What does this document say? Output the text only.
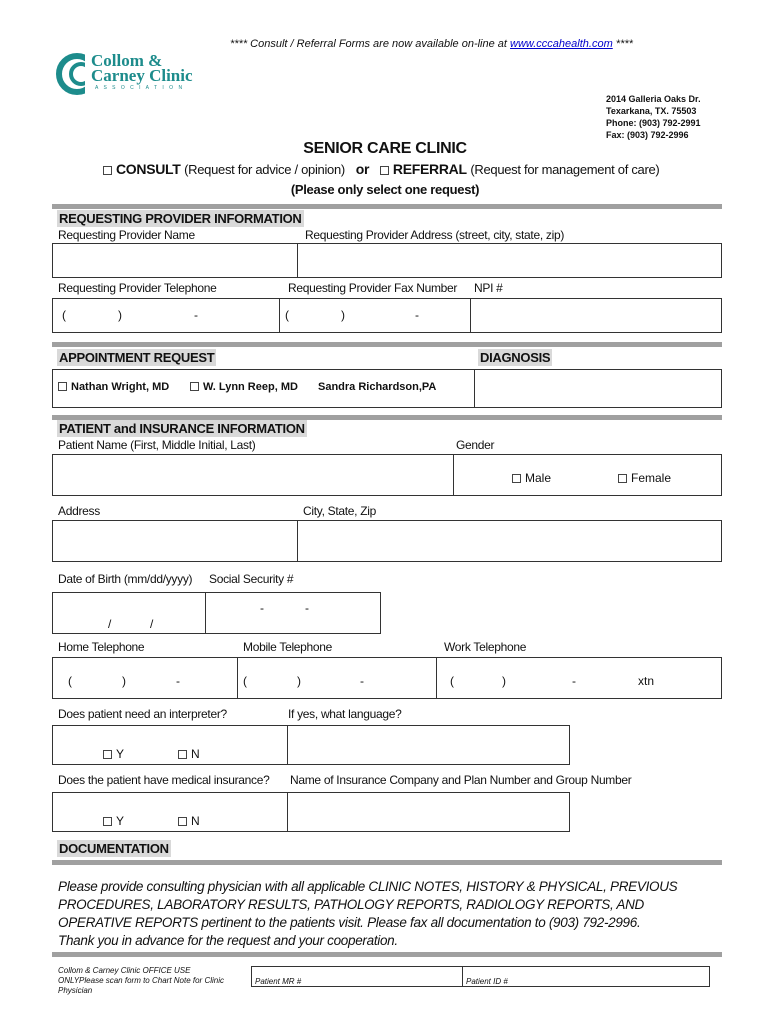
**** Consult / Referral Forms are now available on-line at www.cccahealth.com ****
Collom &
Carney Clinic
A S S O C I A T I O N
2014 Galleria Oaks Dr.
Texarkana, TX. 75503
Phone: (903) 792-2991
Fax: (903) 792-2996
SENIOR CARE CLINIC
CONSULT (Request for advice / opinion) or REFERRAL (Request for management of care)
(Please only select one request)
REQUESTING PROVIDER INFORMATION
Requesting Provider Name	Requesting Provider Address (street, city, state, zip)
Requesting Provider Telephone	Requesting Provider Fax Number NPI #
(	)	-	(	)	-
APPOINTMENT REQUEST	DIAGNOSIS
Nathan Wright, MD	W. Lynn Reep, MD Sandra Richardson,PA
PATIENT and INSURANCE INFORMATION
Patient Name (First, Middle Initial, Last)	Gender
Male	Female
Address	City, State, Zip
Date of Birth (mm/dd/yyyy) Social Security #
/	/
-	-
Home Telephone	Mobile Telephone	Work Telephone
(	)	-	(	)	-	(	)	-	xtn
Does patient need an interpreter?	If yes, what language?
Y	N
Does the patient have medical insurance? Name of Insurance Company and Plan Number and Group Number
Y	N
DOCUMENTATION
Please provide consulting physician with all applicable CLINIC NOTES, HISTORY & PHYSICAL, PREVIOUS PROCEDURES, LABORATORY RESULTS, PATHOLOGY REPORTS, RADIOLOGY REPORTS, AND OPERATIVE REPORTS pertinent to the patients visit. Please fax all documentation to (903) 792-2996.
Thank you in advance for the request and your cooperation.
Collom & Carney Clinic OFFICE USE ONLYPlease scan form to Chart Note for Clinic Physician
Patient MR #	Patient ID #
